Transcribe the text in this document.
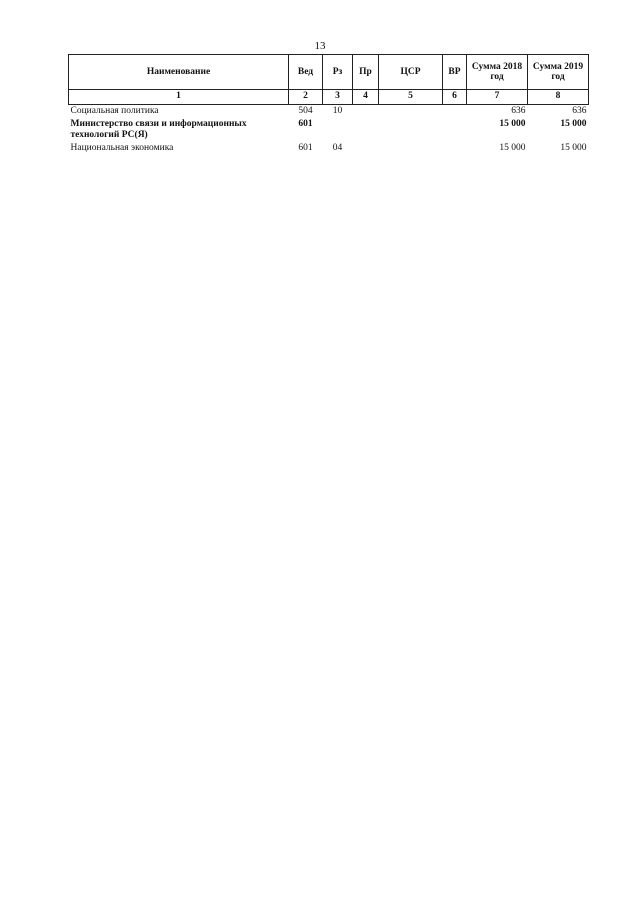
13
Наименование	Вед	Рз	Пр	ЦСР	ВР	Сумма 2018 год	Сумма 2019 год
1	2	3	4	5	6	7	8
Социальная политика	504	10				636	636
Министерство связи и информационных технологий РС(Я)	601					15 000	15 000
Национальная экономика	601	04				15 000	15 000
